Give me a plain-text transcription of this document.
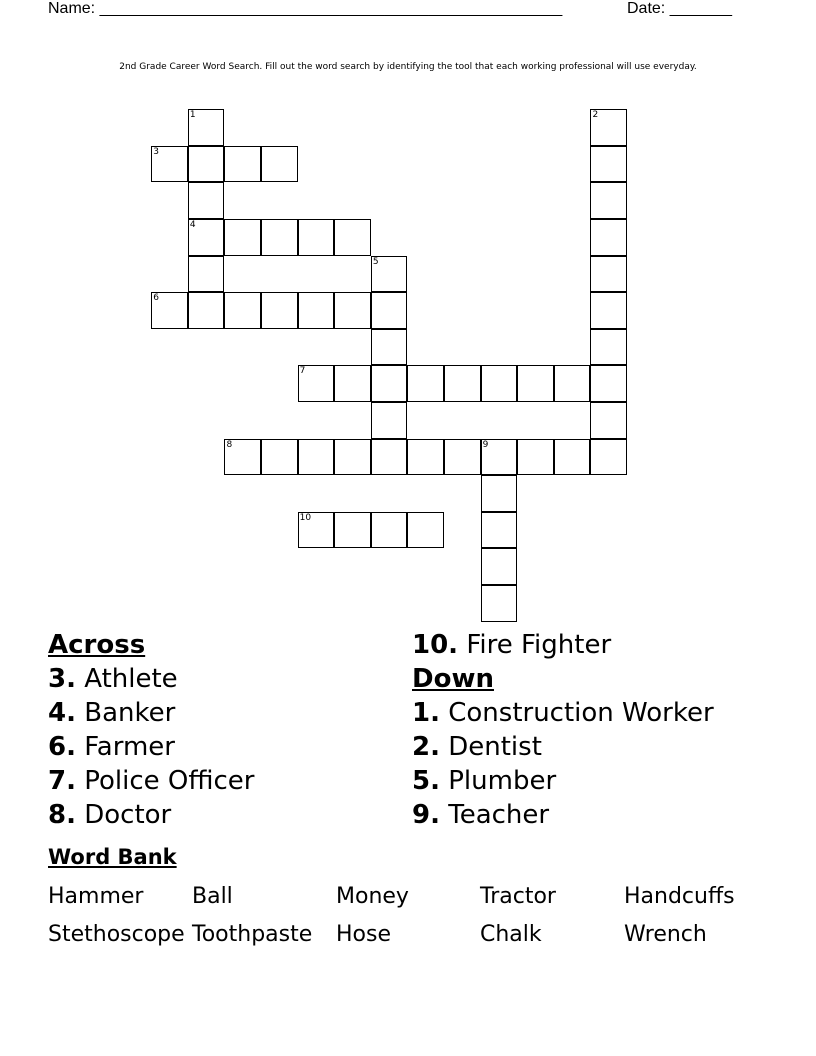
Name: ____________________________________________________	Date: _______
2nd Grade Career Word Search. Fill out the word search by identifying the tool that each working professional will use everyday.
1
4
2
3
5
6
7
8	9
10
Across
3. Athlete
4. Banker
6. Farmer
7. Police Officer
8. Doctor
10. Fire Fighter
Down
1. Construction Worker
2. Dentist
5. Plumber
9. Teacher
Word Bank
Hammer	Ball	Money	Tractor	Handcuffs
Stethoscope Toothpaste	Hose	Chalk	Wrench
